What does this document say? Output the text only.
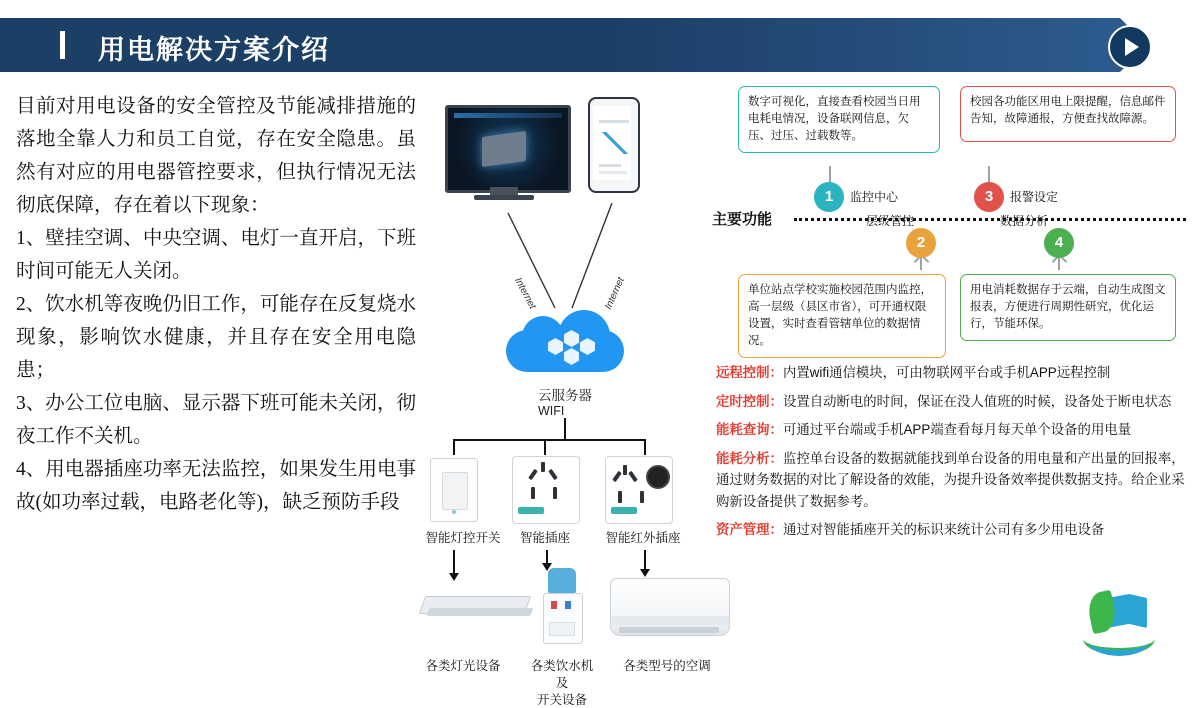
用电解决方案介绍

目前对用电设备的安全管控及节能减排措施的落地全靠人力和员工自觉，存在安全隐患。虽然有对应的用电器管控要求，但执行情况无法彻底保障，存在着以下现象：

1、壁挂空调、中央空调、电灯一直开启，下班时间可能无人关闭。

2、饮水机等夜晚仍旧工作，可能存在反复烧水现象，影响饮水健康，并且存在安全用电隐患；

3、办公工位电脑、显示器下班可能未关闭，彻夜工作不关机。

4、用电器插座功率无法监控，如果发生用电事故(如功率过载，电路老化等)，缺乏预防手段

Internet	Internet
云服务器
WIFI
智能灯控开关	智能插座	智能红外插座
各类灯光设备	各类饮水机
及
开关设备
各类型号的空调
数字可视化，直接查看校园当日用电耗电情况，设备联网信息，欠压、过压、过载数等。
校园各功能区用电上限提醒，信息邮件告知，故障通报，方便查找故障源。
单位站点学校实施校园范围内监控，高一层级（县区市省），可开通权限设置，实时查看管辖单位的数据情况。
用电消耗数据存于云端，自动生成图文报表，方便进行周期性研究，优化运行，节能环保。
1	监控中心	3	报警设定
主要功能
2
层级管控
4
数据分析
远程控制：内置wifi通信模块，可由物联网平台或手机APP远程控制
定时控制：设置自动断电的时间，保证在没人值班的时候，设备处于断电状态
能耗查询：可通过平台端或手机APP端查看每月每天单个设备的用电量
能耗分析：监控单台设备的数据就能找到单台设备的用电量和产出量的回报率，通过财务数据的对比了解设备的效能，为提升设备效率提供数据支持。给企业采购新设备提供了数据参考。
资产管理：通过对智能插座开关的标识来统计公司有多少用电设备
